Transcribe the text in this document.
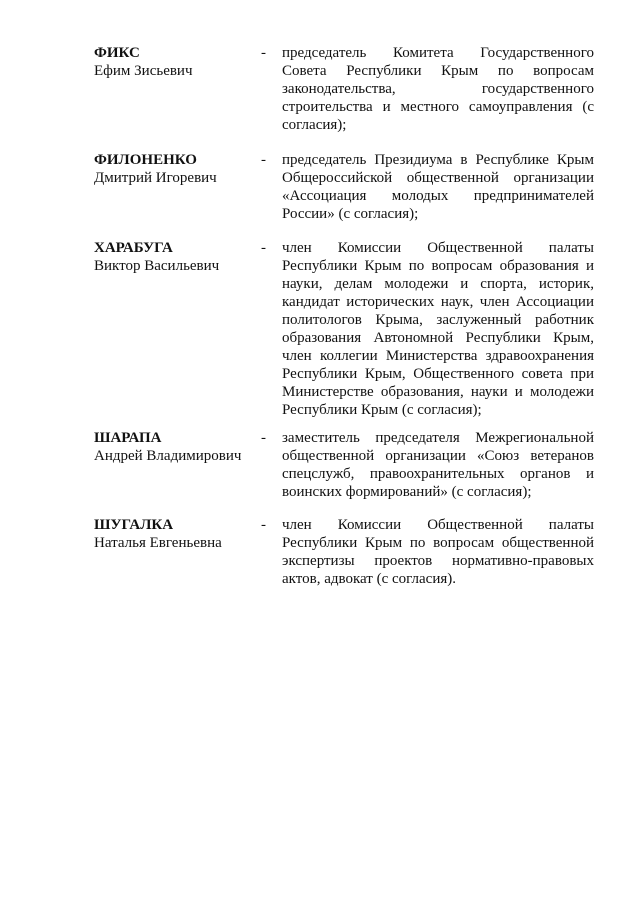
ФИКС
Ефим Зисьевич
- председатель Комитета Государственного Совета Республики Крым по вопросам законодательства, государственного строительства и местного самоуправления (с согласия);
ФИЛОНЕНКО
Дмитрий Игоревич
- председатель Президиума в Республике Крым Общероссийской общественной организации «Ассоциация молодых предпринимателей России» (с согласия);
ХАРАБУГА
Виктор Васильевич
- член Комиссии Общественной палаты Республики Крым по вопросам образования и науки, делам молодежи и спорта, историк, кандидат исторических наук, член Ассоциации политологов Крыма, заслуженный работник образования Автономной Республики Крым, член коллегии Министерства здравоохранения Республики Крым, Общественного совета при Министерстве образования, науки и молодежи Республики Крым (с согласия);
ШАРАПА
Андрей Владимирович
- заместитель председателя Межрегиональной общественной организации «Союз ветеранов спецслужб, правоохранительных органов и воинских формирований» (с согласия);
ШУГАЛКА
Наталья Евгеньевна
- член Комиссии Общественной палаты Республики Крым по вопросам общественной экспертизы проектов нормативно-правовых актов, адвокат (с согласия).
